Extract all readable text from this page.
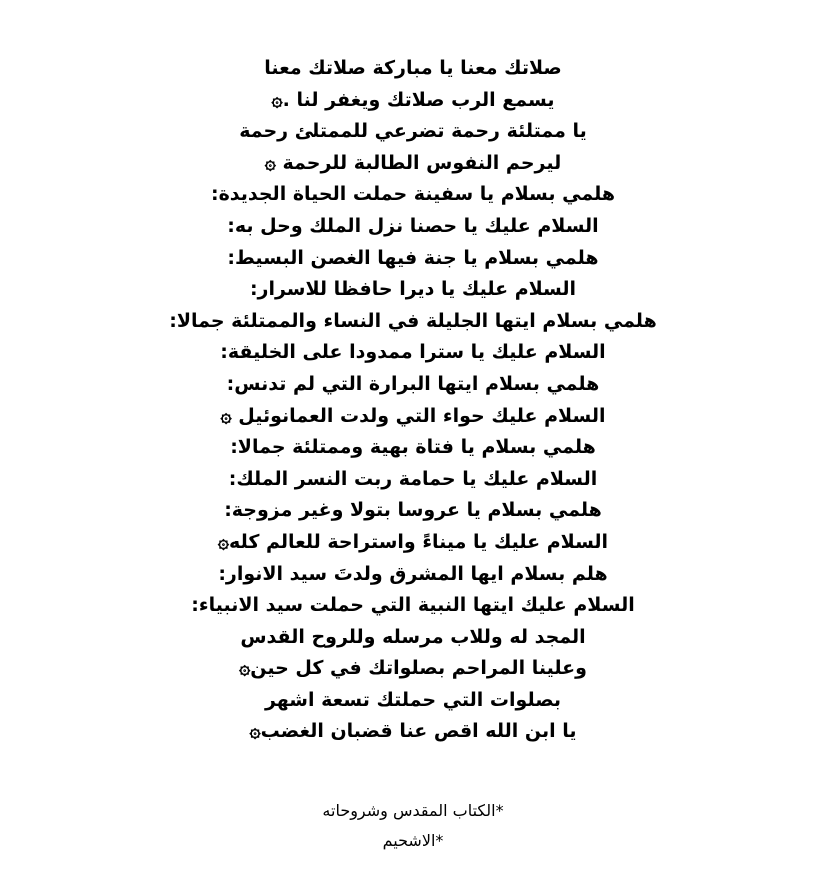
صلاتك معنا يا مباركة صلاتك معنا
يسمع الرب صلاتك ويغفر لنا .۞
يا ممتلئة رحمة تضرعي للممتلئ رحمة
ليرحم النفوس الطالبة للرحمة ۞
هلمي بسلام يا سفينة حملت الحياة الجديدة:
السلام عليك يا حصنا نزل الملك وحل به:
هلمي بسلام يا جنة فيها الغصن البسيط:
السلام عليك يا ديرا حافظا للاسرار:
هلمي بسلام ايتها الجليلة في النساء والممتلئة جمالا:
السلام عليك يا سترا ممدودا على الخليقة:
هلمي بسلام ايتها البرارة التي لم تدنس:
السلام عليك حواء التي ولدت العمانوئيل ۞
هلمي بسلام يا فتاة بهية وممتلئة جمالا:
السلام عليك يا حمامة ربت النسر الملك:
هلمي بسلام يا عروسا بتولا وغير مزوجة:
السلام عليك يا ميناءً واستراحة للعالم كله۞
هلم بسلام ايها المشرق ولدتَ سيد الانوار:
السلام عليك ايتها النبية التي حملت سيد الانبياء:
المجد له وللاب مرسله وللروح القدس
وعلينا المراحم بصلواتك في كل حين۞
بصلوات التي حملتك تسعة اشهر
يا ابن الله اقص عنا قضبان الغضب۞
*الكتاب المقدس وشروحاته
*الاشحيم
